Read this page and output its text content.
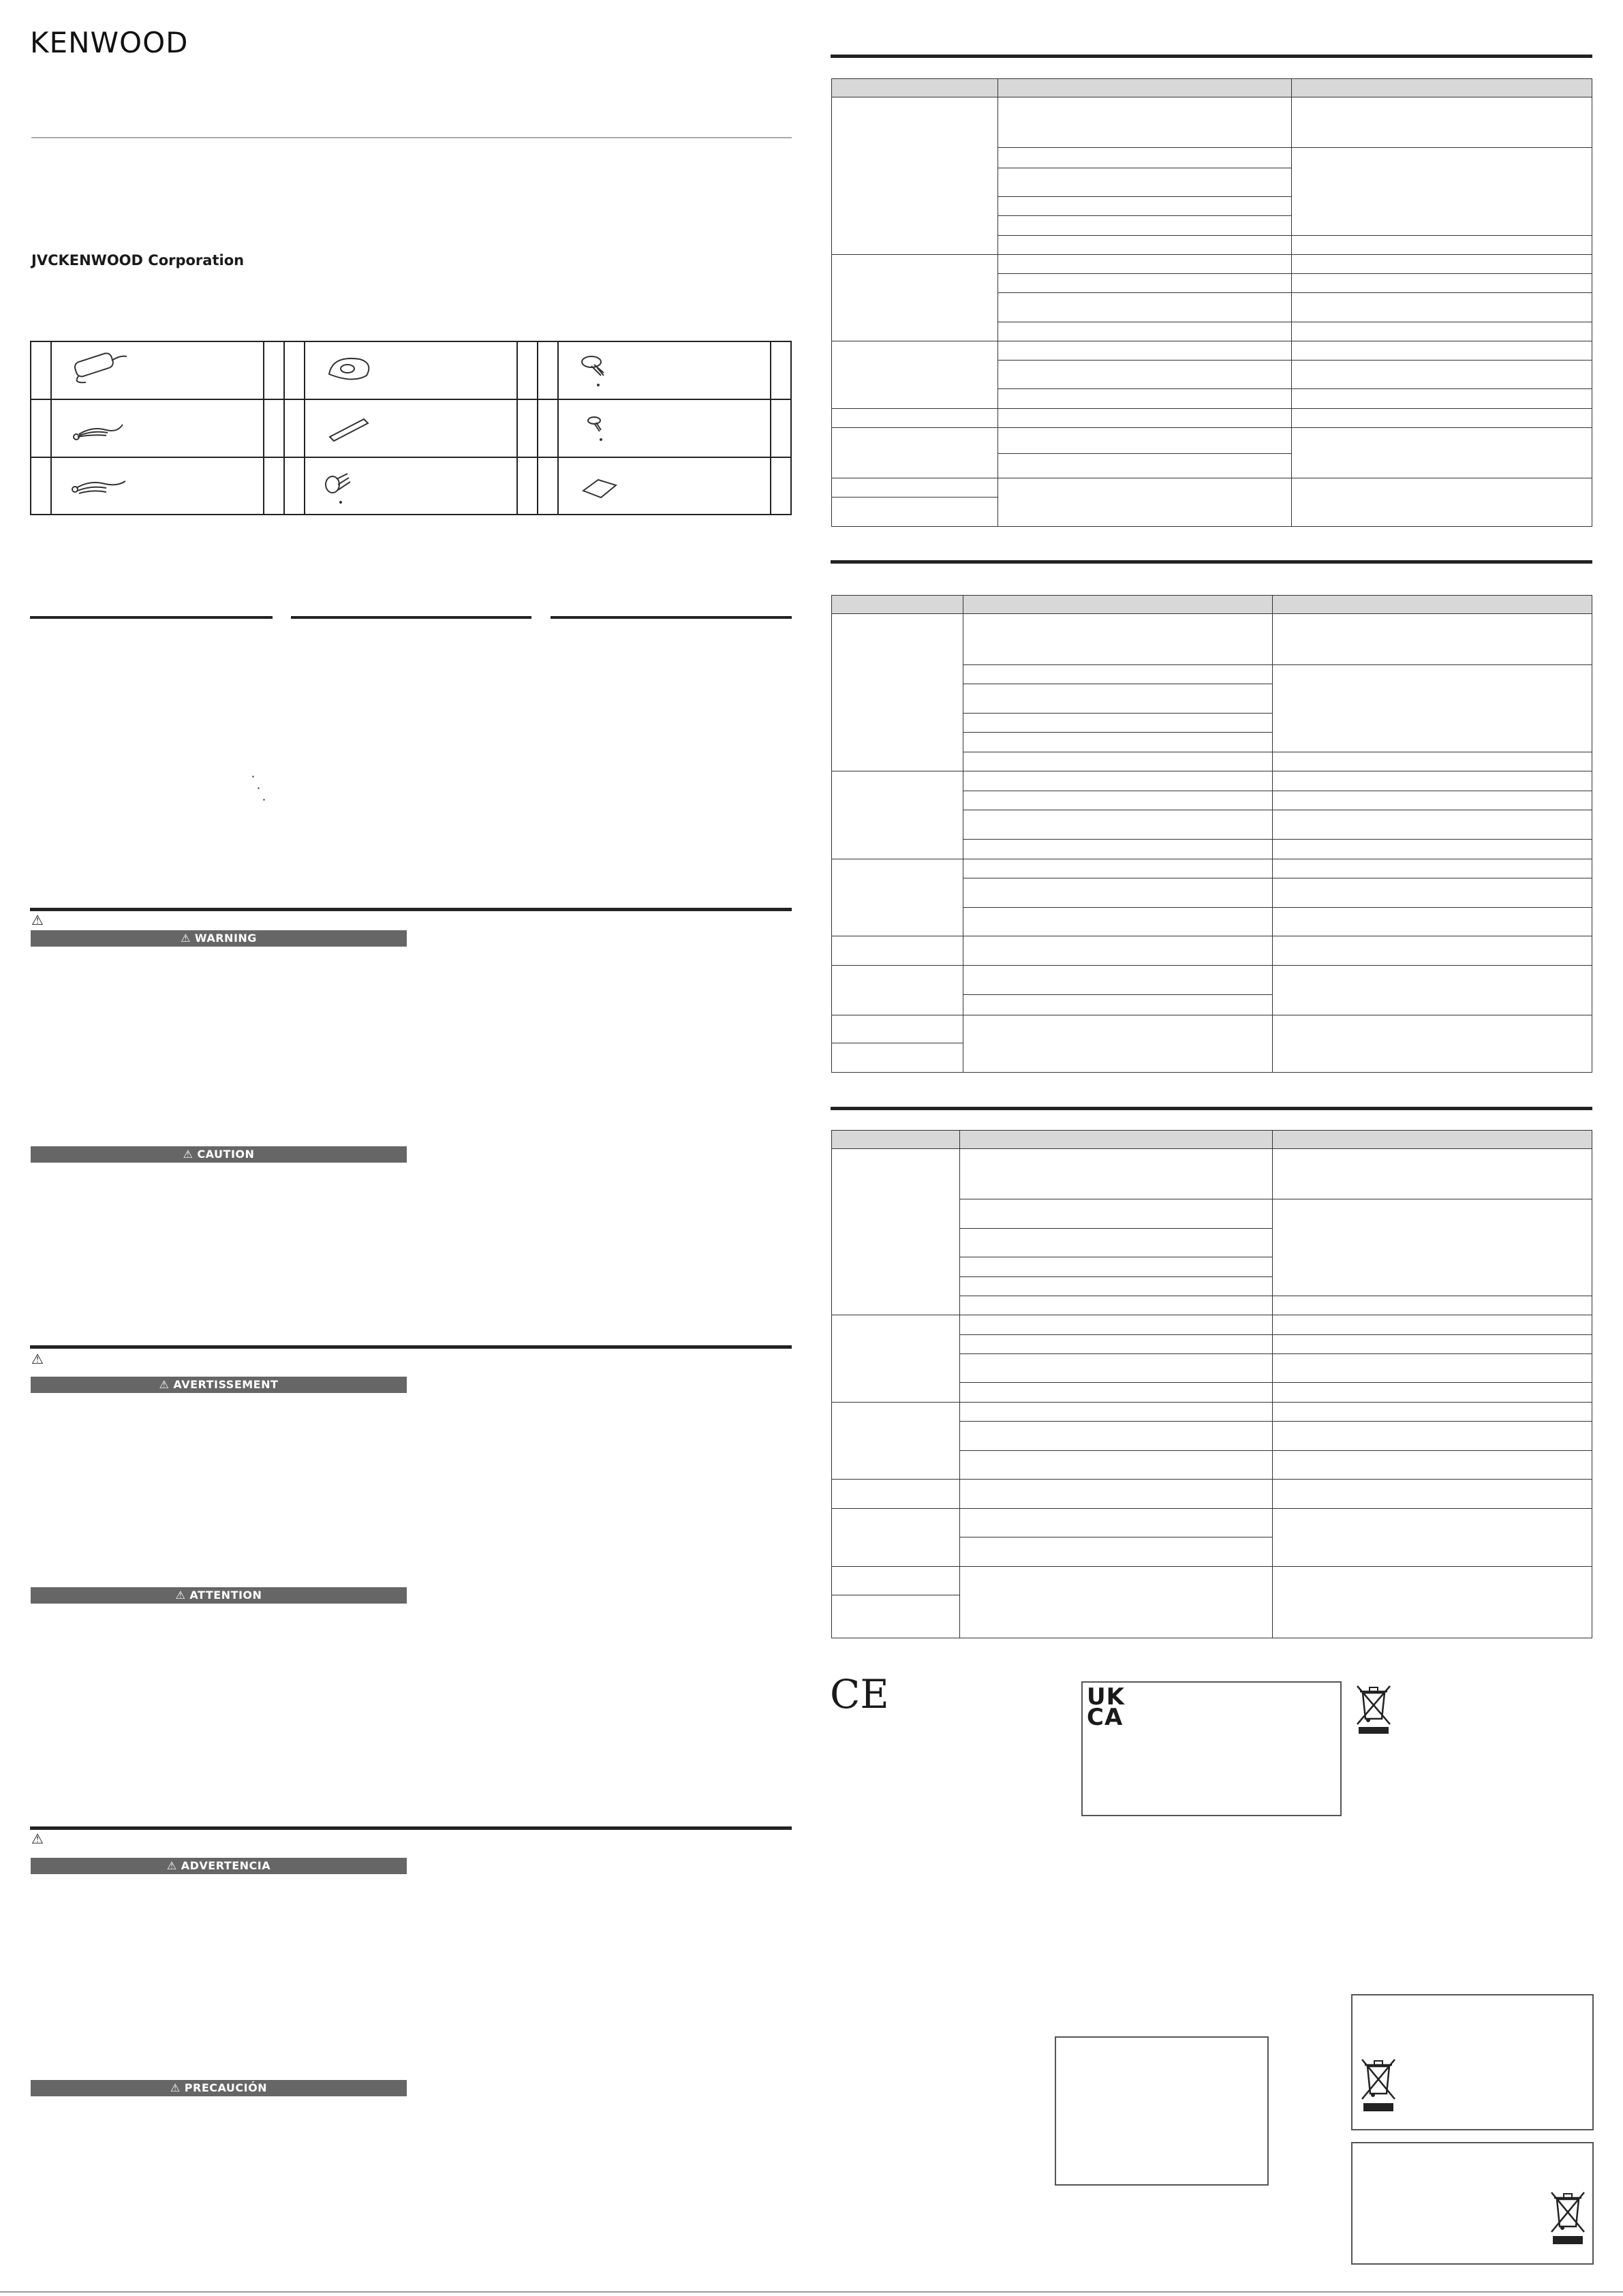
KENWOOD
JVCKENWOOD Corporation

▪
▪
▪
⚠
⚠ WARNING
⚠ CAUTION
⚠
⚠ AVERTISSEMENT
⚠ ATTENTION
⚠
⚠ ADVERTENCIA
⚠ PRECAUCIÓN

CE	UK
CA
